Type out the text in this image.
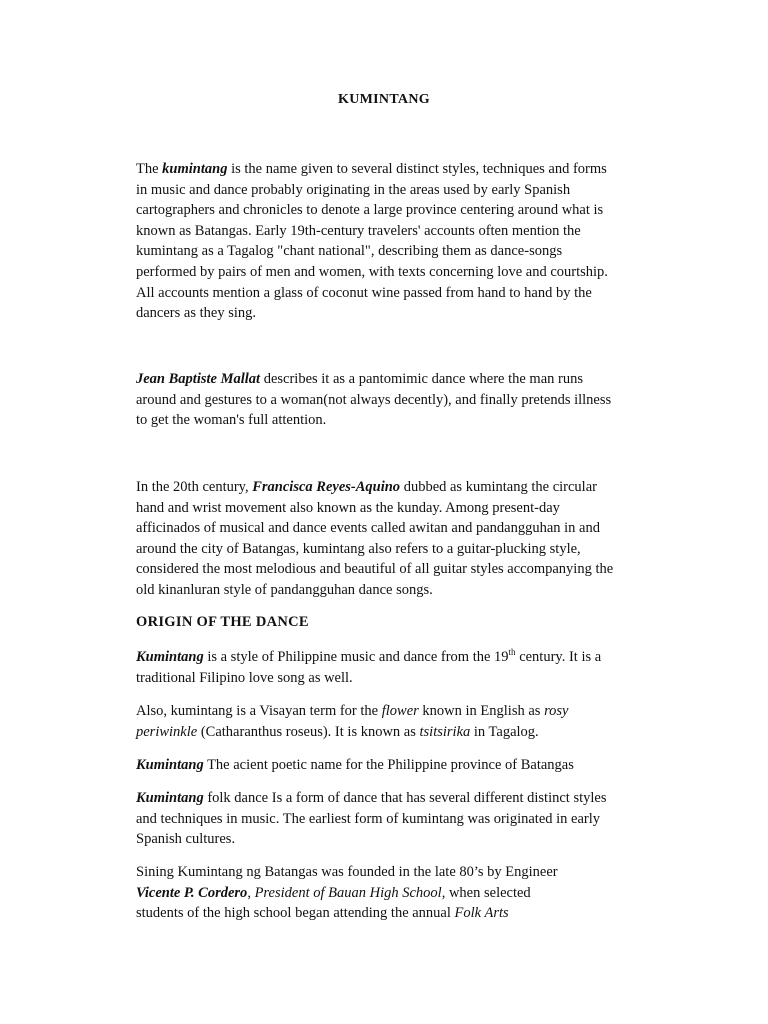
KUMINTANG
The kumintang is the name given to several distinct styles, techniques and forms
in music and dance probably originating in the areas used by early Spanish
cartographers and chronicles to denote a large province centering around what is
known as Batangas. Early 19th-century travelers' accounts often mention the
kumintang as a Tagalog "chant national", describing them as dance-songs
performed by pairs of men and women, with texts concerning love and courtship.
All accounts mention a glass of coconut wine passed from hand to hand by the
dancers as they sing.
Jean Baptiste Mallat describes it as a pantomimic dance where the man runs
around and gestures to a woman(not always decently), and finally pretends illness
to get the woman's full attention.
In the 20th century, Francisca Reyes-Aquino dubbed as kumintang the circular
hand and wrist movement also known as the kunday. Among present-day
afficinados of musical and dance events called awitan and pandangguhan in and
around the city of Batangas, kumintang also refers to a guitar-plucking style,
considered the most melodious and beautiful of all guitar styles accompanying the
old kinanluran style of pandangguhan dance songs.
ORIGIN OF THE DANCE
Kumintang is a style of Philippine music and dance from the 19th century. It is a
traditional Filipino love song as well.
Also, kumintang is a Visayan term for the flower known in English as rosy
periwinkle (Catharanthus roseus). It is known as tsitsirika in Tagalog.
Kumintang The acient poetic name for the Philippine province of Batangas
Kumintang folk dance Is a form of dance that has several different distinct styles
and techniques in music. The earliest form of kumintang was originated in early
Spanish cultures.
Sining Kumintang ng Batangas was founded in the late 80’s by Engineer
Vicente P. Cordero, President of Bauan High School, when selected
students of the high school began attending the annual Folk Arts
